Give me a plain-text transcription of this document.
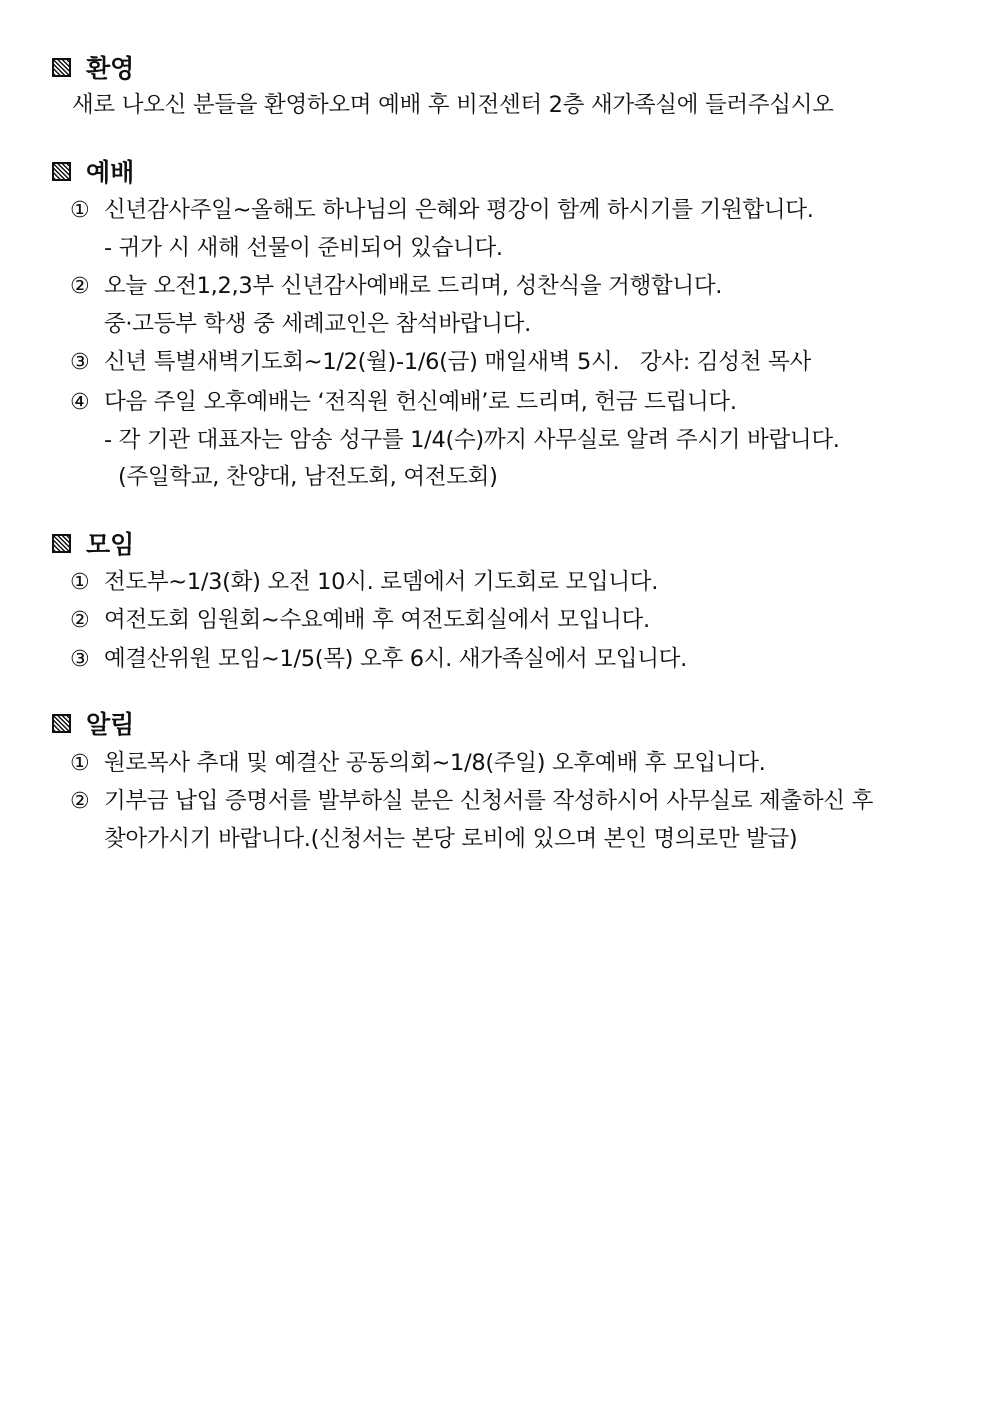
환영
새로 나오신 분들을 환영하오며 예배 후 비전센터 2층 새가족실에 들러주십시오
예배
① 신년감사주일~올해도 하나님의 은혜와 평강이 함께 하시기를 기원합니다.
- 귀가 시 새해 선물이 준비되어 있습니다.
② 오늘 오전1,2,3부 신년감사예배로 드리며, 성찬식을 거행합니다.
중·고등부 학생 중 세례교인은 참석바랍니다.
③ 신년 특별새벽기도회~1/2(월)-1/6(금) 매일새벽 5시.   강사: 김성천 목사
④ 다음 주일 오후예배는 ‘전직원 헌신예배’로 드리며, 헌금 드립니다.
- 각 기관 대표자는 암송 성구를 1/4(수)까지 사무실로 알려 주시기 바랍니다.
(주일학교, 찬양대, 남전도회, 여전도회)
모임
① 전도부~1/3(화) 오전 10시. 로뎀에서 기도회로 모입니다.
② 여전도회 임원회~수요예배 후 여전도회실에서 모입니다.
③ 예결산위원 모임~1/5(목) 오후 6시. 새가족실에서 모입니다.
알림
① 원로목사 추대 및 예결산 공동의회~1/8(주일) 오후예배 후 모입니다.
② 기부금 납입 증명서를 발부하실 분은 신청서를 작성하시어 사무실로 제출하신 후
찾아가시기 바랍니다.(신청서는 본당 로비에 있으며 본인 명의로만 발급)
